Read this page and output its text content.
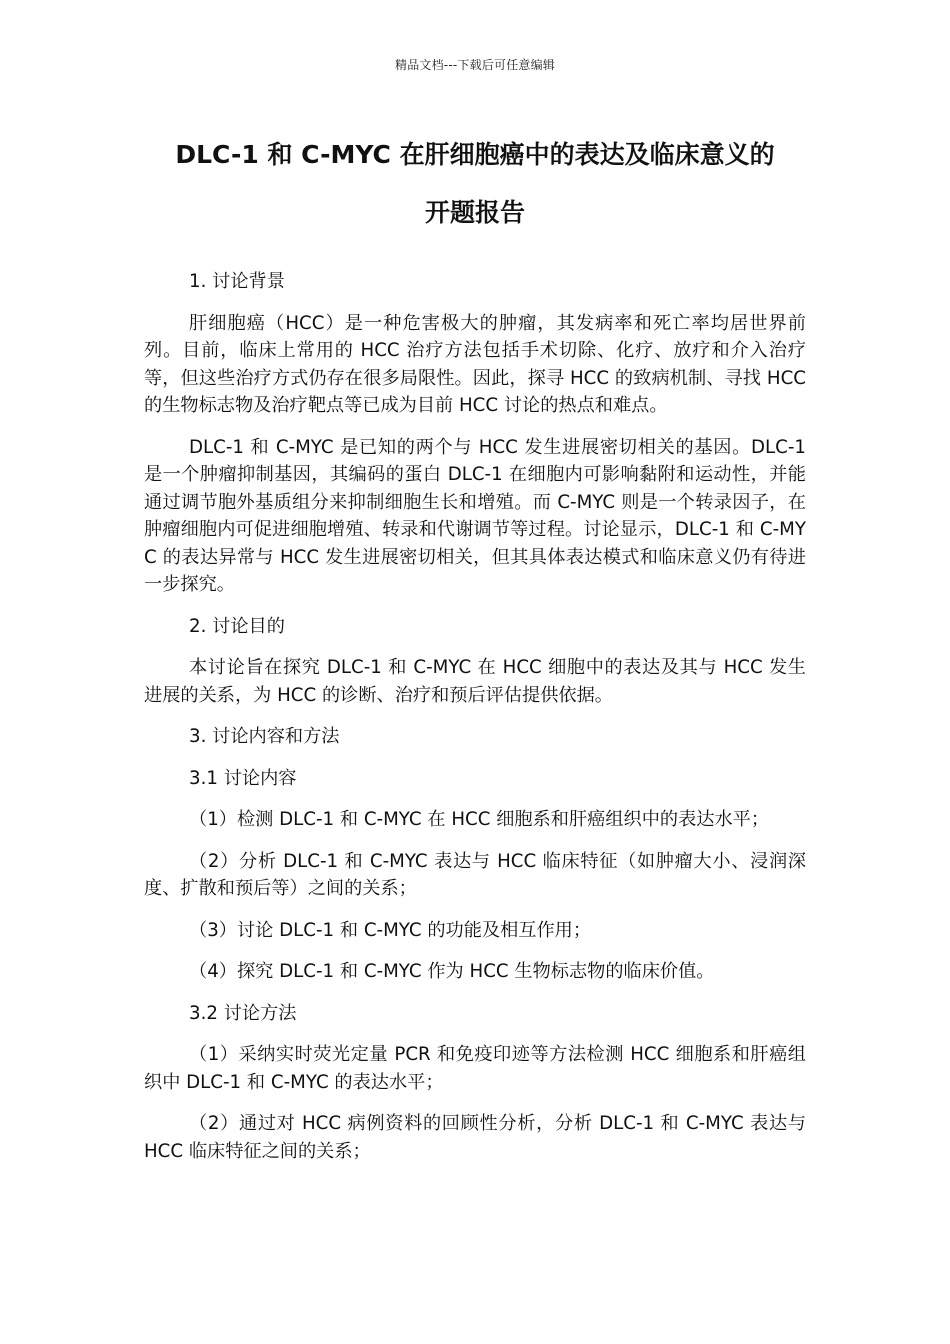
精品文档---下载后可任意编辑
DLC-1 和 C-MYC 在肝细胞癌中的表达及临床意义的
开题报告
1. 讨论背景

肝细胞癌（HCC）是一种危害极大的肿瘤，其发病率和死亡率均居世界前列。目前，临床上常用的 HCC 治疗方法包括手术切除、化疗、放疗和介入治疗等，但这些治疗方式仍存在很多局限性。因此，探寻 HCC 的致病机制、寻找 HCC 的生物标志物及治疗靶点等已成为目前 HCC 讨论的热点和难点。

DLC-1 和 C-MYC 是已知的两个与 HCC 发生进展密切相关的基因。DLC-1 是一个肿瘤抑制基因，其编码的蛋白 DLC-1 在细胞内可影响黏附和运动性，并能通过调节胞外基质组分来抑制细胞生长和增殖。而 C-MYC 则是一个转录因子，在肿瘤细胞内可促进细胞增殖、转录和代谢调节等过程。讨论显示，DLC-1 和 C-MYC 的表达异常与 HCC 发生进展密切相关，但其具体表达模式和临床意义仍有待进一步探究。

2. 讨论目的

本讨论旨在探究 DLC-1 和 C-MYC 在 HCC 细胞中的表达及其与 HCC 发生进展的关系，为 HCC 的诊断、治疗和预后评估提供依据。

3. 讨论内容和方法
3.1 讨论内容

（1）检测 DLC-1 和 C-MYC 在 HCC 细胞系和肝癌组织中的表达水平；

（2）分析 DLC-1 和 C-MYC 表达与 HCC 临床特征（如肿瘤大小、浸润深度、扩散和预后等）之间的关系；

（3）讨论 DLC-1 和 C-MYC 的功能及相互作用；

（4）探究 DLC-1 和 C-MYC 作为 HCC 生物标志物的临床价值。

3.2 讨论方法

（1）采纳实时荧光定量 PCR 和免疫印迹等方法检测 HCC 细胞系和肝癌组织中 DLC-1 和 C-MYC 的表达水平；

（2）通过对 HCC 病例资料的回顾性分析，分析 DLC-1 和 C-MYC 表达与 HCC 临床特征之间的关系；
